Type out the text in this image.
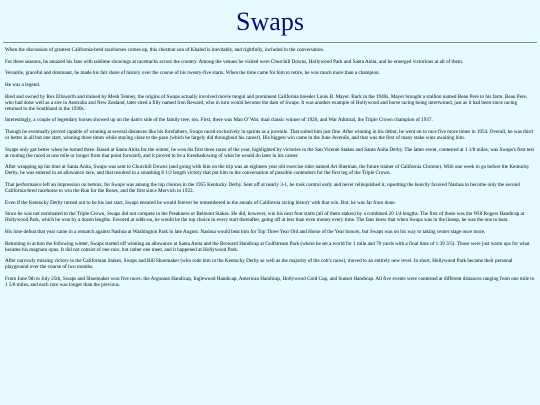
Swaps

When the discussion of greatest California-bred racehorses comes up, this chestnut son of Khaled is inevitably, and rightfully, included in the conversation.

For three seasons, he amazed his fans with sublime showings at racetracks across the country. Among the venues he visited were Churchill Downs, Hollywood Park and Santa Anita, and he emerged victorious at all of them.

Versatile, graceful and dominant, he made his fair share of history over the course of his twenty-five starts. When the time came for him to retire, he was much more than a champion.

He was a legend.

Bred and owned by Rex Ellsworth and trained by Mesh Tenney, the origins of Swaps actually involved movie mogul and prominent California breeder Louis B. Mayer. Back in the 1940s, Mayer brought a stallion named Beau Pere to his farm. Beau Pere, who had done well as a sire in Australia and New Zealand, later sired a filly named Iron Reward, who in turn would become the dam of Swaps. It was another example of Hollywood and horse racing being intertwined, just as it had been since racing returned to the Southland in the 1930s.

Interestingly, a couple of legendary horses showed up on the dam's side of the family tree, too. First, there was Man O' War, dual classic winner of 1920, and War Admiral, the Triple Crown champion of 1937.

Though he eventually proved capable of winning at several distances like his forefathers, Swaps raced exclusively in sprints as a juvenile. That suited him just fine. After winning in his debut, he went on to race five more times in 1954. Overall, he was third or better in all but one start, winning three times while staying close to the pace (which he largely did throughout his career). His biggest win came in the June Juvenile, and that was the first of many stake wins awaiting him.

Swaps only got better when he turned three. Based at Santa Anita for the winter, he won his first three races of the year, highlighted by victories in the San Vicente Stakes and Santa Anita Derby. The latter event, contested at 1 1/8 miles, was Swaps's first test at routing (he raced at one mile or longer from that point forward), and it proved to be a foreshadowing of what he would do later in his career.

After wrapping up his time at Santa Anita, Swaps was sent to Churchill Downs (and going with him on the trip was an eighteen year old exercise rider named Art Sherman, the future trainer of California Chrome). With one week to go before the Kentucky Derby, he was entered in an allowance race, and that resulted in a smashing 8 1/2 length victory that put him in the conversation of possible contenders for the first leg of the Triple Crown.

That performance left an impression on bettors, for Swaps was among the top choices in the 1955 Kentucky Derby. Sent off at nearly 3-1, he took control early and never relinquished it, upsetting the heavily favored Nashua to become only the second California-bred racehorse to win the Run for the Roses, and the first since Morvich in 1922.

Even if the Kentucky Derby turned out to be his last start, Swaps ensured he would forever be remembered in the annals of California racing history with that win. But, he was far from done.

Since he was not nominated to the Triple Crown, Swaps did not compete in the Preakness or Belmont Stakes. He did, however, win his next four starts (all of them stakes) by a combined 20 1/4 lengths. The first of those was the Will Rogers Handicap at Hollywood Park, which he won by a dozen lengths. Favored at odds-on, he would be the top choice in every start thereafter, going off at less than even money every time. The fans knew that when Swaps was in the lineup, he was the one to beat.

His lone defeat that year came in a rematch against Nashua at Washington Park in late August. Nashua would beat him for Top Three Year Old and Horse of the Year honors, but Swaps was on his way to taking center stage once more.

Returning to action the following winter, Swaps started off winning an allowance at Santa Anita and the Broward Handicap at Gulfstream Park (where he set a world for 1 mile and 70 yards with a final time of 1:39 3/5). Those were just warm ups for what became his magnum opus. It did not consist of one race, but rather one meet, and it happened at Hollywood Park.

After narrowly missing victory in the Californian Stakes, Swaps and Bill Shoemaker (who rode him in the Kentucky Derby as well as the majority of the colt's races), moved to an entirely new level. In short, Hollywood Park became their personal playground over the course of two months.

From June 9th to July 25th, Swaps and Shoemaker won five races: the Argonaut Handicap, Inglewood Handicap, American Handicap, Hollywood Gold Cup, and Sunset Handicap. All five events were contested at different distances ranging from one mile to 1 5/8 miles, and each race was longer than the previous.
